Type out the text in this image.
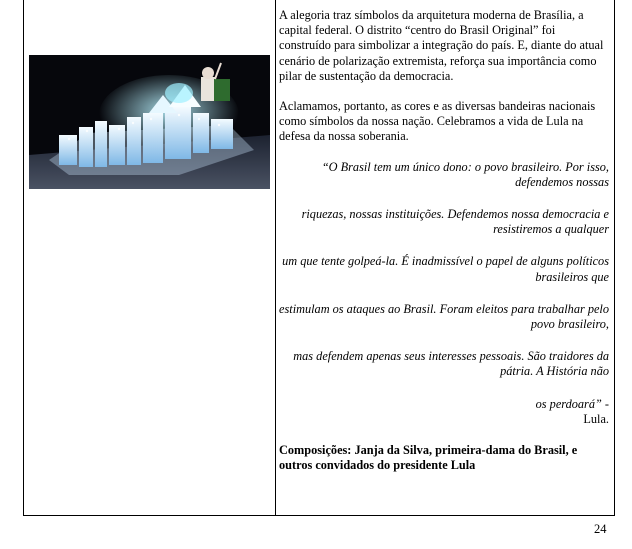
A alegoria traz símbolos da arquitetura moderna de Brasília, a capital federal. O distrito “centro do Brasil Original” foi construído para simbolizar a integração do país. E, diante do atual cenário de polarização extremista, reforça sua importância como pilar de sustentação da democracia.

Aclamamos, portanto, as cores e as diversas bandeiras nacionais como símbolos da nossa nação. Celebramos a vida de Lula na defesa da nossa soberania.

“O Brasil tem um único dono: o povo brasileiro. Por isso, defendemos nossas

riquezas, nossas instituições. Defendemos nossa democracia e resistiremos a qualquer

um que tente golpeá-la. É inadmissível o papel de alguns políticos brasileiros que

estimulam os ataques ao Brasil. Foram eleitos para trabalhar pelo povo brasileiro,

mas defendem apenas seus interesses pessoais. São traidores da pátria. A História não

os perdoará” -

Lula.

Composições: Janja da Silva, primeira-dama do Brasil, e outros convidados do presidente Lula

24
